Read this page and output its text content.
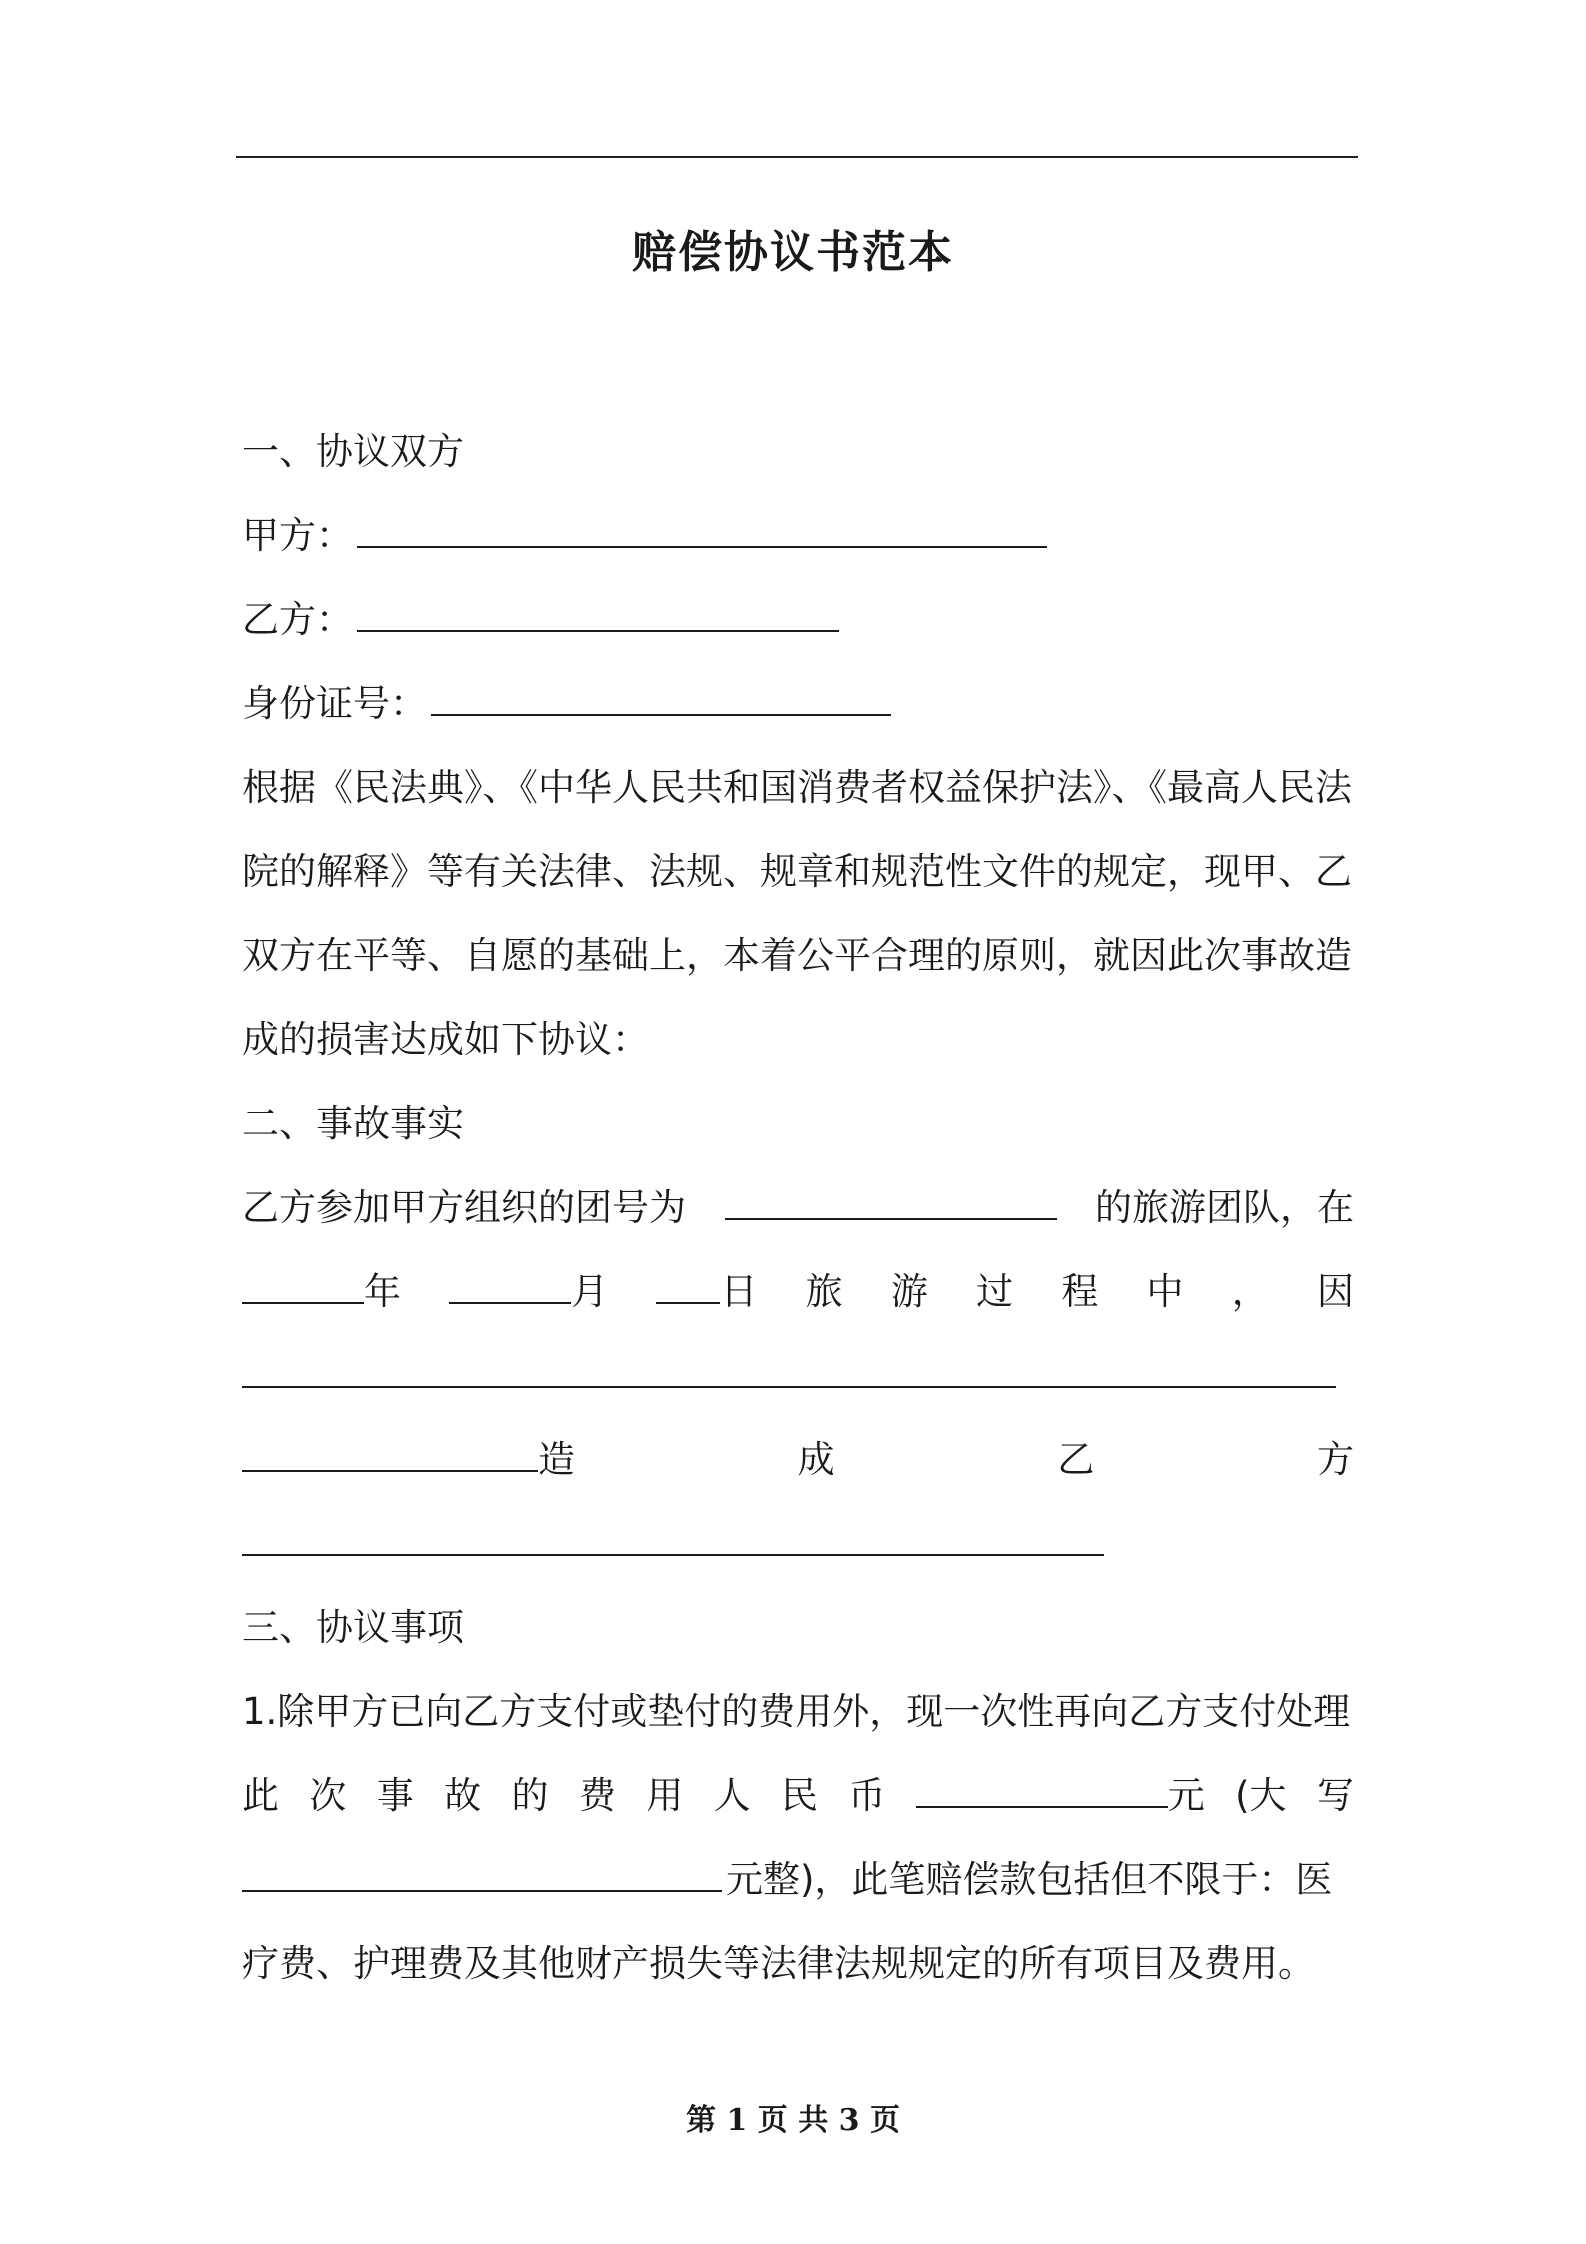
赔偿协议书范本
一、协议双方
甲方：
乙方：
身份证号：
根据《民法典》、《中华人民共和国消费者权益保护法》、《最高人民法
院的解释》等有关法律、法规、规章和规范性文件的规定，现甲、乙
双方在平等、自愿的基础上，本着公平合理的原则，就因此次事故造
成的损害达成如下协议：
二、事故事实
乙方参加甲方组织的团号为	的旅游团队，在
年	月	日 旅 游 过 程 中 ， 因
造	成	乙	方
三、协议事项
1.除甲方已向乙方支付或垫付的费用外，现一次性再向乙方支付处理
此 次 事 故 的 费 用 人 民 币	元 (大 写
元整)，此笔赔偿款包括但不限于：医
疗费、护理费及其他财产损失等法律法规规定的所有项目及费用。
第 1 页 共 3 页
